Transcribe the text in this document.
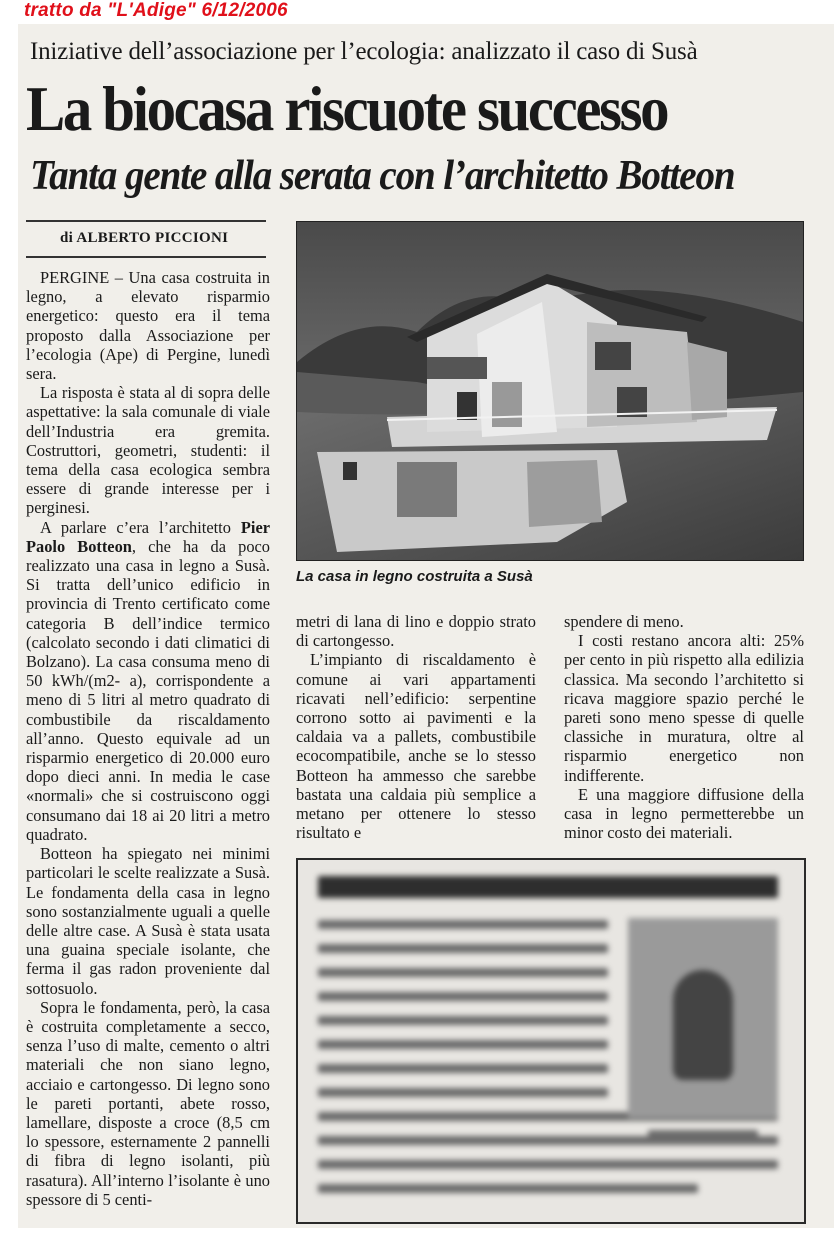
tratto da "L'Adige" 6/12/2006
Iniziative dell’associazione per l’ecologia: analizzato il caso di Susà
La biocasa riscuote successo
Tanta gente alla serata con l’architetto Botteon
di ALBERTO PICCIONI

PERGINE – Una casa costruita in legno, a elevato risparmio energetico: questo era il tema proposto dalla Associazione per l’ecologia (Ape) di Pergine, lunedì sera.

La risposta è stata al di sopra delle aspettative: la sala comunale di viale dell’Industria era gremita. Costruttori, geometri, studenti: il tema della casa ecologica sembra essere di grande interesse per i perginesi.

A parlare c’era l’architetto Pier Paolo Botteon, che ha da poco realizzato una casa in legno a Susà. Si tratta dell’unico edificio in provincia di Trento certificato come categoria B dell’indice termico (calcolato secondo i dati climatici di Bolzano). La casa consuma meno di 50 kWh/(m2- a), corrispondente a meno di 5 litri al metro quadrato di combustibile da riscaldamento all’anno. Questo equivale ad un risparmio energetico di 20.000 euro dopo dieci anni. In media le case «normali» che si costruiscono oggi consumano dai 18 ai 20 litri a metro quadrato.

Botteon ha spiegato nei minimi particolari le scelte realizzate a Susà. Le fondamenta della casa in legno sono sostanzialmente uguali a quelle delle altre case. A Susà è stata usata una guaina speciale isolante, che ferma il gas radon proveniente dal sottosuolo.

Sopra le fondamenta, però, la casa è costruita completamente a secco, senza l’uso di malte, cemento o altri materiali che non siano legno, acciaio e cartongesso. Di legno sono le pareti portanti, abete rosso, lamellare, disposte a croce (8,5 cm lo spessore, esternamente 2 pannelli di fibra di legno isolanti, più rasatura). All’interno l’isolante è uno spessore di 5 centi-

La casa in legno costruita a Susà

metri di lana di lino e doppio strato di cartongesso.

L’impianto di riscaldamento è comune ai vari appartamenti ricavati nell’edificio: serpentine corrono sotto ai pavimenti e la caldaia va a pallets, combustibile ecocompatibile, anche se lo stesso Botteon ha ammesso che sarebbe bastata una caldaia più semplice a metano per ottenere lo stesso risultato e

spendere di meno.

I costi restano ancora alti: 25% per cento in più rispetto alla edilizia classica. Ma secondo l’architetto si ricava maggiore spazio perché le pareti sono meno spesse di quelle classiche in muratura, oltre al risparmio energetico non indifferente.

E una maggiore diffusione della casa in legno permetterebbe un minor costo dei materiali.
